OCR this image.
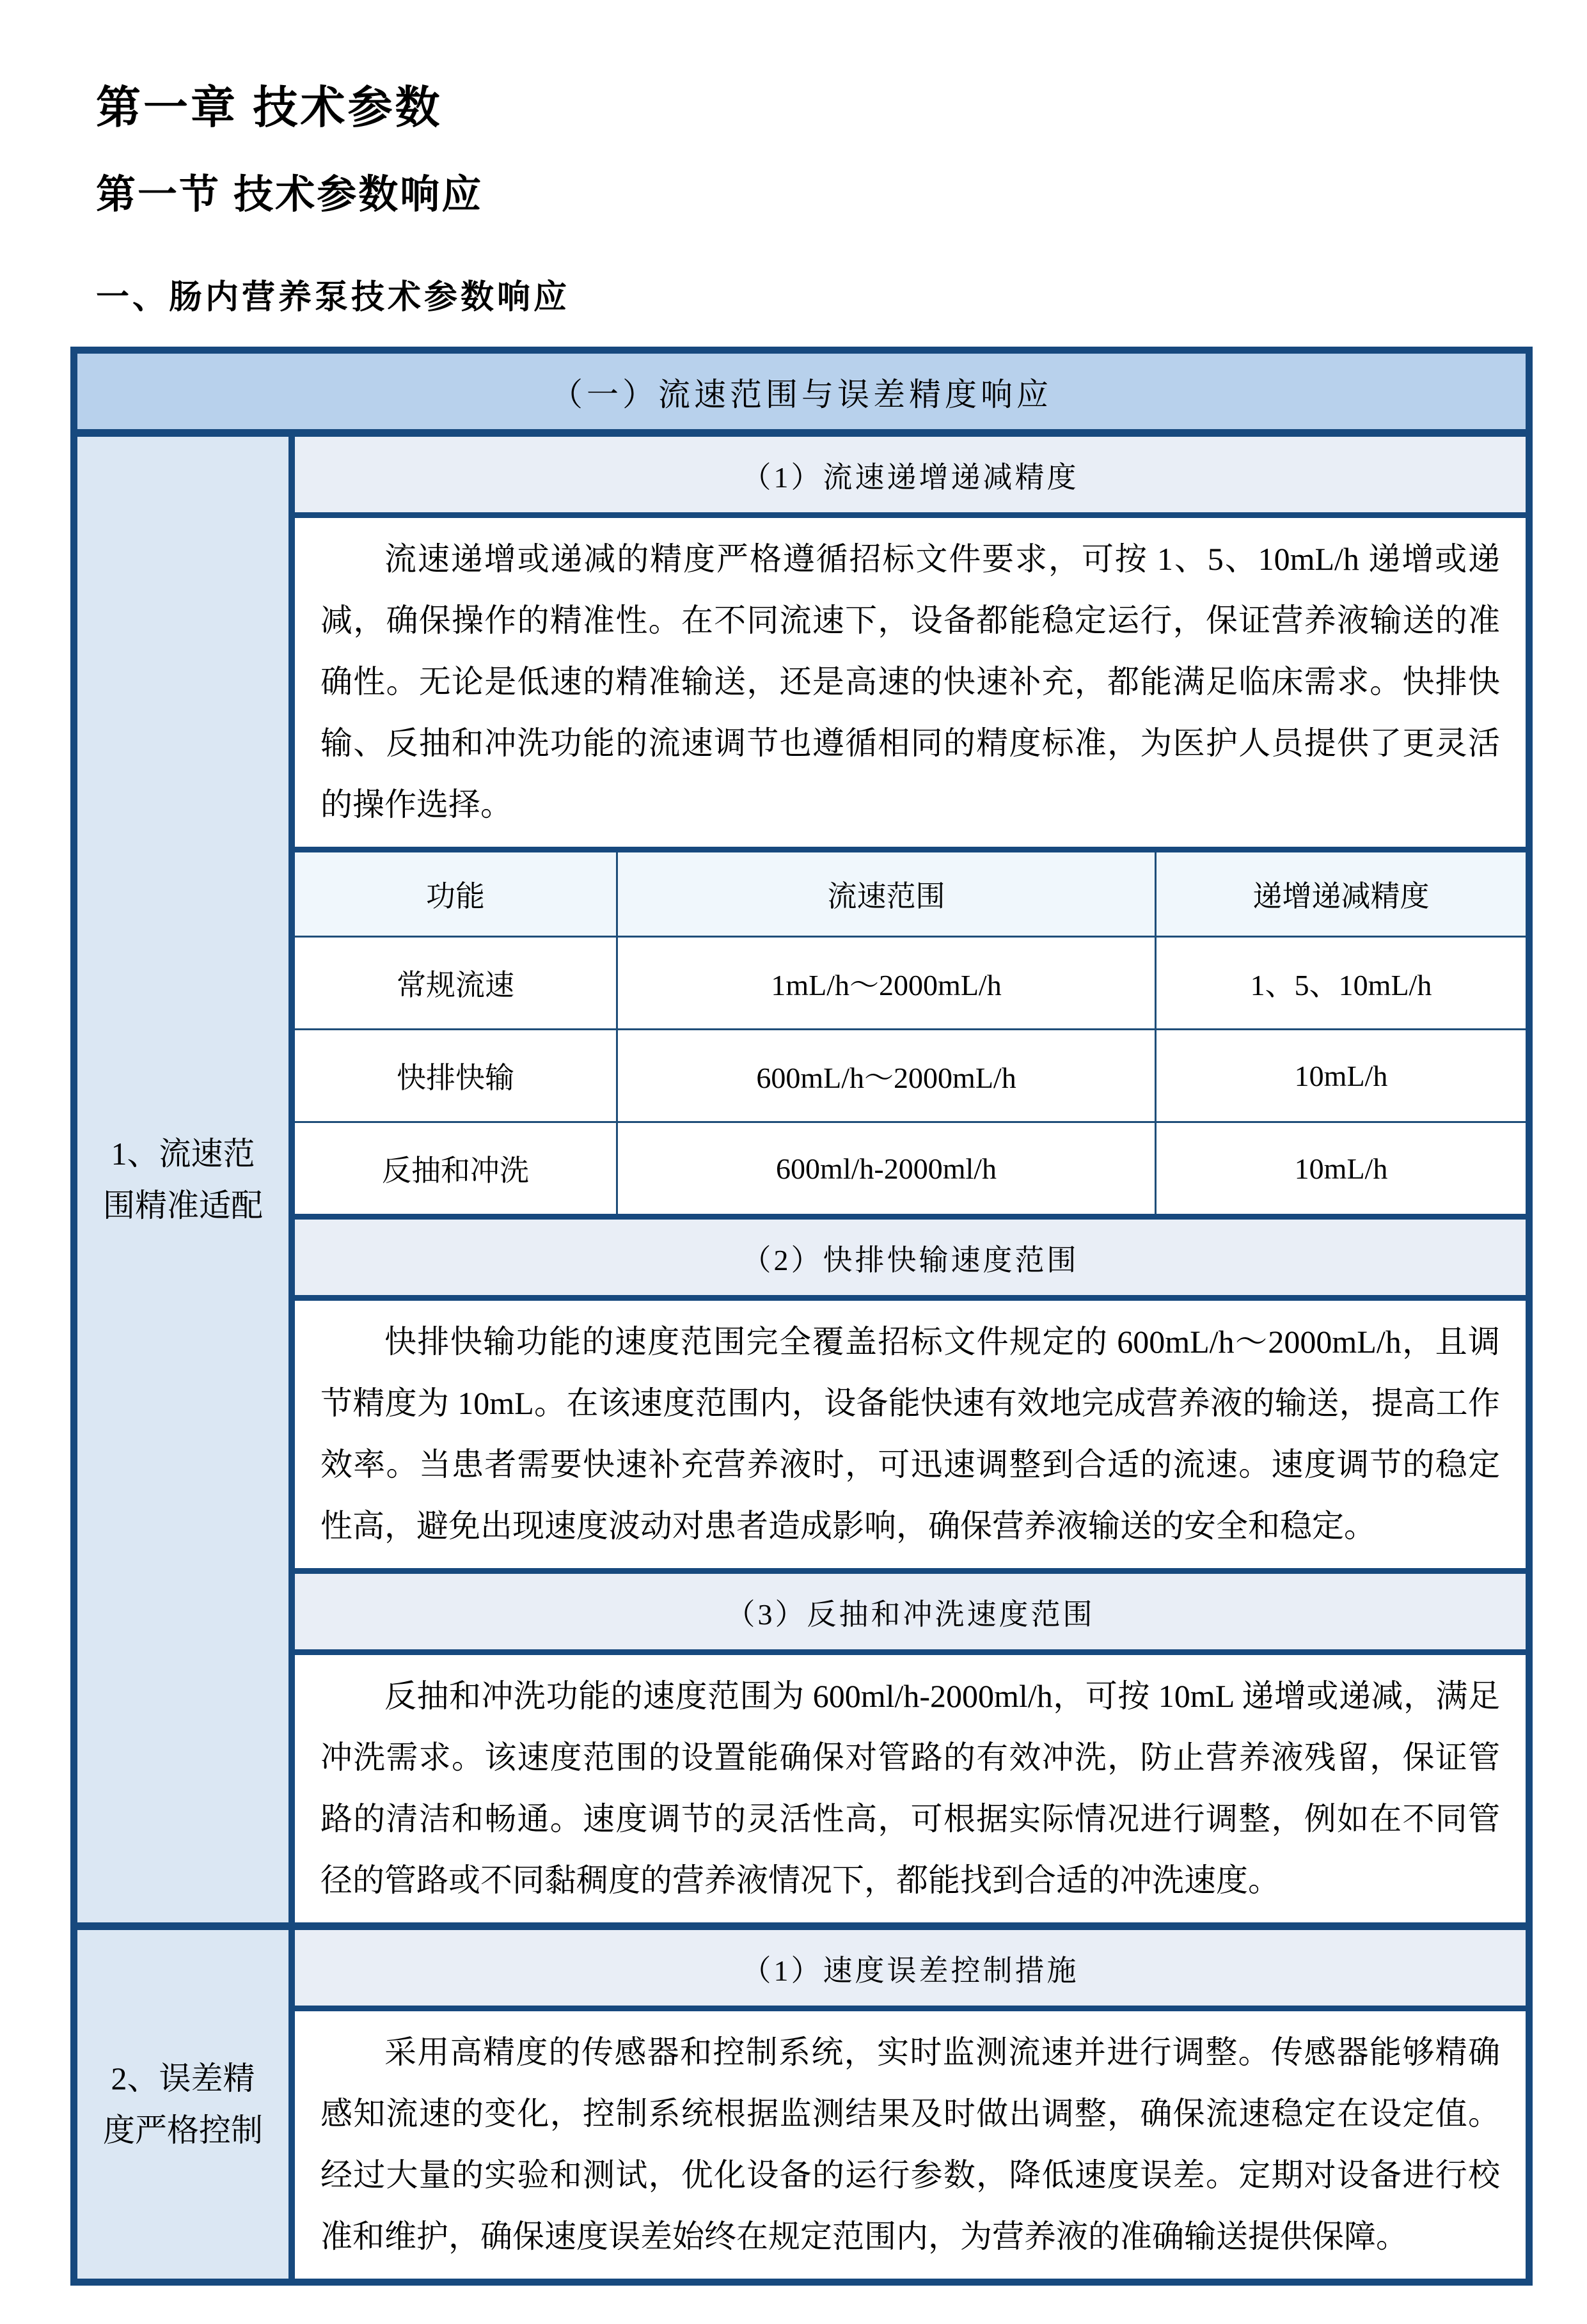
第一章 技术参数
第一节 技术参数响应
一、肠内营养泵技术参数响应
（一）流速范围与误差精度响应
1、流速范围精准适配
（1）流速递增递减精度
流速递增或递减的精度严格遵循招标文件要求，可按 1、5、10mL/h 递增或递减，确保操作的精准性。在不同流速下，设备都能稳定运行，保证营养液输送的准确性。无论是低速的精准输送，还是高速的快速补充，都能满足临床需求。快排快输、反抽和冲洗功能的流速调节也遵循相同的精度标准，为医护人员提供了更灵活的操作选择。
功能	流速范围	递增递减精度
常规流速	1mL/h～2000mL/h	1、5、10mL/h
快排快输	600mL/h～2000mL/h	10mL/h
反抽和冲洗	600ml/h-2000ml/h	10mL/h
（2）快排快输速度范围
快排快输功能的速度范围完全覆盖招标文件规定的 600mL/h～2000mL/h，且调节精度为 10mL。在该速度范围内，设备能快速有效地完成营养液的输送，提高工作效率。当患者需要快速补充营养液时，可迅速调整到合适的流速。速度调节的稳定性高，避免出现速度波动对患者造成影响，确保营养液输送的安全和稳定。
（3）反抽和冲洗速度范围
反抽和冲洗功能的速度范围为 600ml/h-2000ml/h，可按 10mL 递增或递减，满足冲洗需求。该速度范围的设置能确保对管路的有效冲洗，防止营养液残留，保证管路的清洁和畅通。速度调节的灵活性高，可根据实际情况进行调整，例如在不同管径的管路或不同黏稠度的营养液情况下，都能找到合适的冲洗速度。
2、误差精度严格控制
（1）速度误差控制措施
采用高精度的传感器和控制系统，实时监测流速并进行调整。传感器能够精确感知流速的变化，控制系统根据监测结果及时做出调整，确保流速稳定在设定值。经过大量的实验和测试，优化设备的运行参数，降低速度误差。定期对设备进行校准和维护，确保速度误差始终在规定范围内，为营养液的准确输送提供保障。
